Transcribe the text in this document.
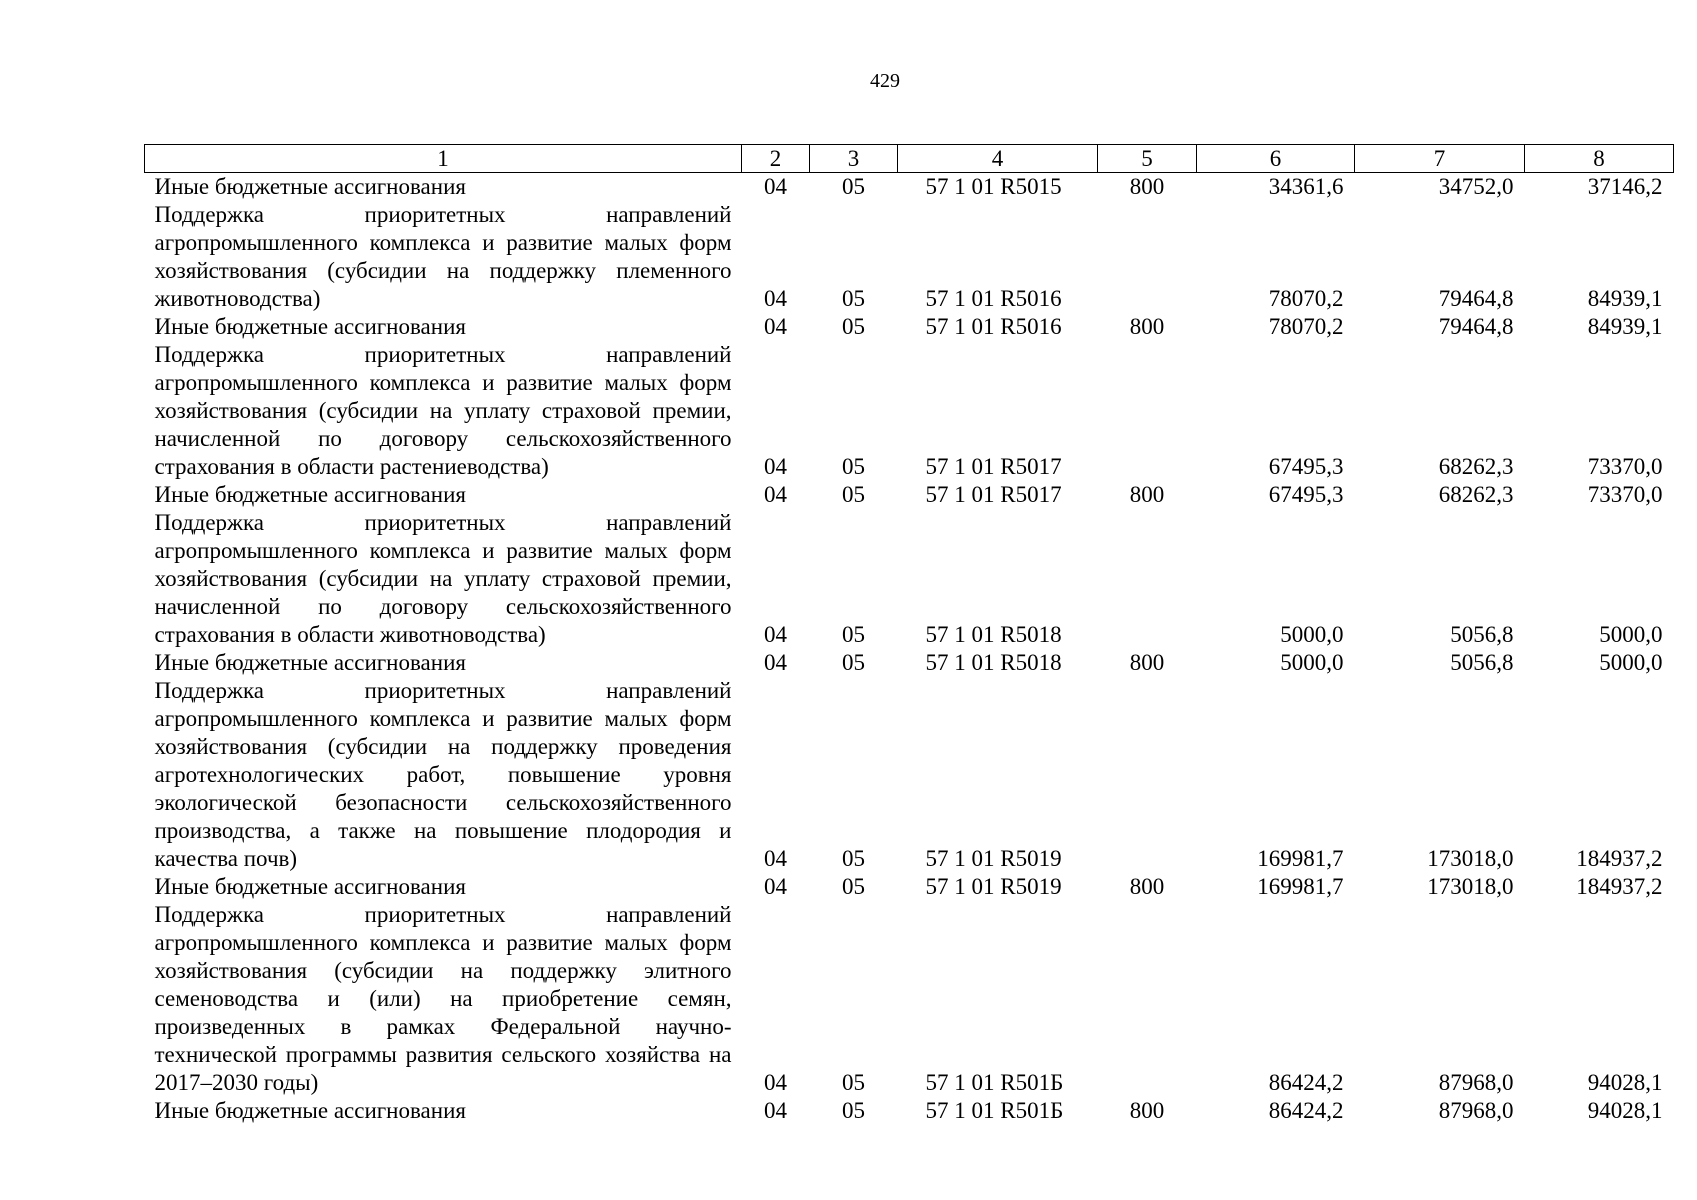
429
1	2	3	4	5	6	7	8
Иные бюджетные ассигнования	04	05	57 1 01 R5015	800	34361,6	34752,0	37146,2
Поддержка приоритетных направлений агропромышленного комплекса и развитие малых форм хозяйствования (субсидии на поддержку племенного животноводства)	04	05	57 1 01 R5016		78070,2	79464,8	84939,1
Иные бюджетные ассигнования	04	05	57 1 01 R5016	800	78070,2	79464,8	84939,1
Поддержка приоритетных направлений агропромышленного комплекса и развитие малых форм хозяйствования (субсидии на уплату страховой премии, начисленной по договору сельскохозяйственного страхования в области растениеводства)	04	05	57 1 01 R5017		67495,3	68262,3	73370,0
Иные бюджетные ассигнования	04	05	57 1 01 R5017	800	67495,3	68262,3	73370,0
Поддержка приоритетных направлений агропромышленного комплекса и развитие малых форм хозяйствования (субсидии на уплату страховой премии, начисленной по договору сельскохозяйственного страхования в области животноводства)	04	05	57 1 01 R5018		5000,0	5056,8	5000,0
Иные бюджетные ассигнования	04	05	57 1 01 R5018	800	5000,0	5056,8	5000,0
Поддержка приоритетных направлений агропромышленного комплекса и развитие малых форм хозяйствования (субсидии на поддержку проведения агротехнологических работ, повышение уровня экологической безопасности сельскохозяйственного производства, а также на повышение плодородия и качества почв)	04	05	57 1 01 R5019		169981,7	173018,0	184937,2
Иные бюджетные ассигнования	04	05	57 1 01 R5019	800	169981,7	173018,0	184937,2
Поддержка приоритетных направлений агропромышленного комплекса и развитие малых форм хозяйствования (субсидии на поддержку элитного семеноводства и (или) на приобретение семян, произведенных в рамках Федеральной научно-технической программы развития сельского хозяйства на 2017–2030 годы)	04	05	57 1 01 R501Б		86424,2	87968,0	94028,1
Иные бюджетные ассигнования	04	05	57 1 01 R501Б	800	86424,2	87968,0	94028,1
